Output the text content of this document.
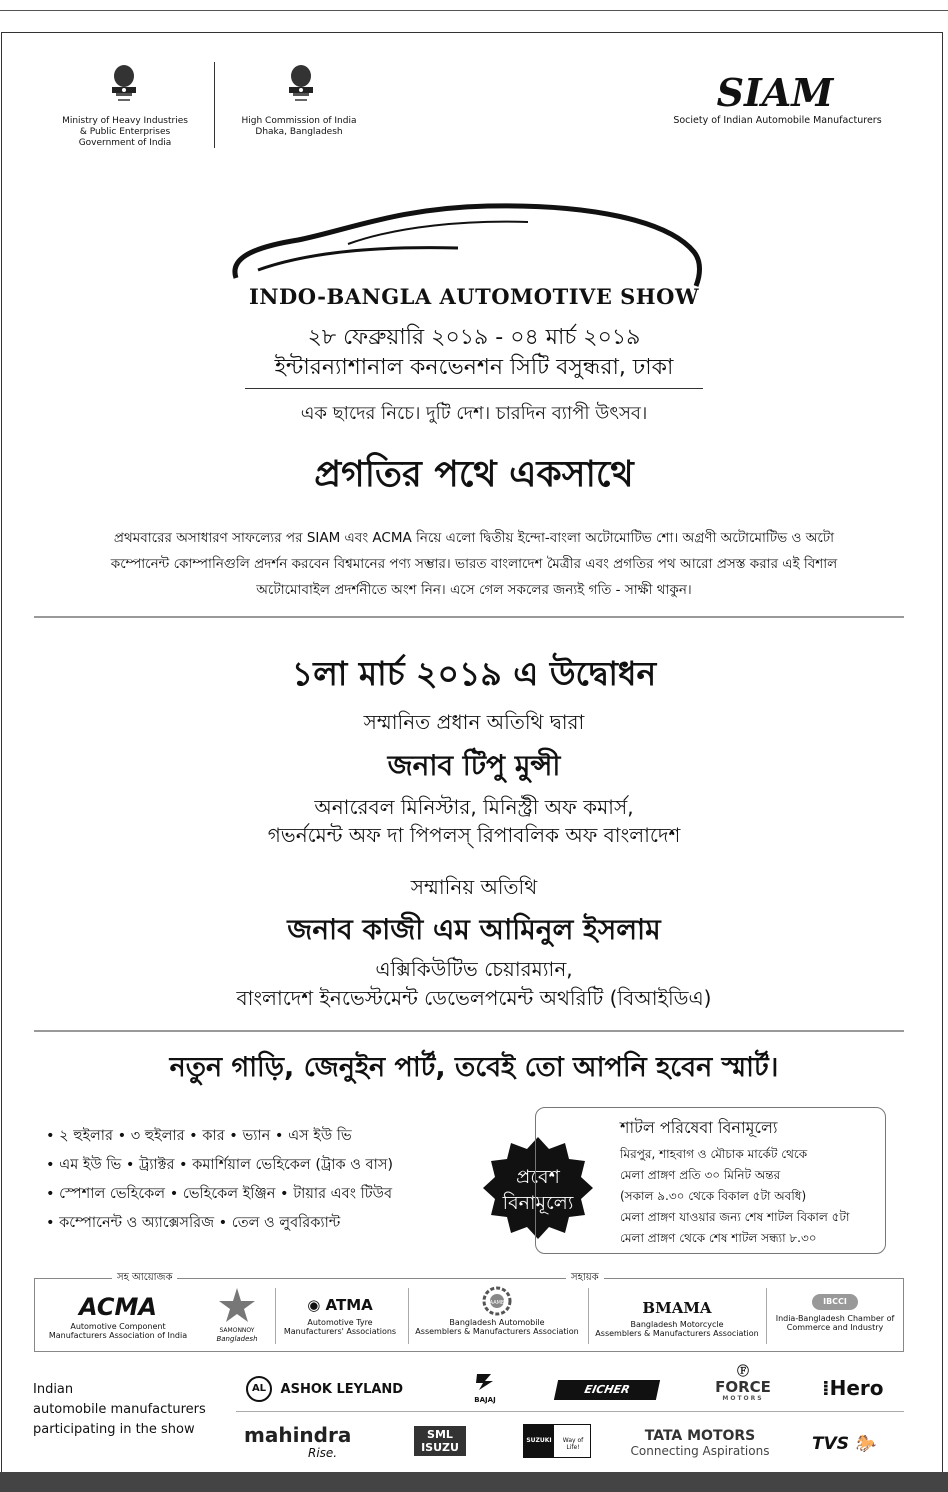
Ministry of Heavy Industries
& Public Enterprises
Government of India
High Commission of India
Dhaka, Bangladesh
SIAM
Society of Indian Automobile Manufacturers
INDO-BANGLA AUTOMOTIVE SHOW
২৮ ফেব্রুয়ারি ২০১৯ - ০৪ মার্চ ২০১৯
ইন্টারন্যাশানাল কনভেনশন সিটি বসুন্ধরা, ঢাকা
এক ছাদের নিচে। দুটি দেশ। চারদিন ব্যাপী উৎসব।
প্রগতির পথে একসাথে
প্রথমবারের অসাধারণ সাফল্যের পর SIAM এবং ACMA নিয়ে এলো দ্বিতীয় ইন্দো-বাংলা অটোমোটিভ শো। অগ্রণী অটোমোটিভ ও অটো
কম্পোনেন্ট কোম্পানিগুলি প্রদর্শন করবেন বিশ্বমানের পণ্য সম্ভার। ভারত বাংলাদেশ মৈত্রীর এবং প্রগতির পথ আরো প্রসস্ত করার এই বিশাল
অটোমোবাইল প্রদর্শনীতে অংশ নিন। এসে গেল সকলের জন্যই গতি - সাক্ষী থাকুন।
১লা মার্চ ২০১৯ এ উদ্বোধন
সম্মানিত প্রধান অতিথি দ্বারা
জনাব টিপু মুন্সী
অনারেবল মিনিস্টার, মিনিস্ট্রী অফ কমার্স,
গভর্নমেন্ট অফ দা পিপলস্ রিপাবলিক অফ বাংলাদেশ
সম্মানিয় অতিথি
জনাব কাজী এম আমিনুল ইসলাম
এক্সিকিউটিভ চেয়ারম্যান,
বাংলাদেশ ইনভেস্টমেন্ট ডেভেলপমেন্ট অথরিটি (বিআইডিএ)
নতুন গাড়ি, জেনুইন পার্ট, তবেই তো আপনি হবেন স্মার্ট।
• ২ হুইলার • ৩ হুইলার • কার • ভ্যান • এস ইউ ভি
• এম ইউ ভি • ট্র্যাক্টর • কমার্শিয়াল ভেহিকেল (ট্রাক ও বাস)
• স্পেশাল ভেহিকেল • ভেহিকেল ইঞ্জিন • টায়ার এবং টিউব
• কম্পোনেন্ট ও অ্যাক্সেসরিজ • তেল ও লুবরিক্যান্ট
প্রবেশ
বিনামূল্যে
শাটল পরিষেবা বিনামূল্যে
মিরপুর, শাহবাগ ও মৌচাক মার্কেট থেকে
মেলা প্রাঙ্গণ প্রতি ৩০ মিনিট অন্তর
(সকাল ৯.৩০ থেকে বিকাল ৫টা অবধি)
মেলা প্রাঙ্গণ যাওয়ার জন্য শেষ শাটল বিকাল ৫টা
মেলা প্রাঙ্গণ থেকে শেষ শাটল সন্ধ্যা ৮.৩০
সহ আয়োজক	সহায়ক
ACMA
Automotive Component
Manufacturers Association of India
SAMONNOY
Bangladesh
◉ ATMA
Automotive Tyre
Manufacturers' Associations
BAAMBA
Bangladesh Automobile
Assemblers & Manufacturers Association
BMAMA
Bangladesh Motorcycle
Assemblers & Manufacturers Association
IBCCI
India-Bangladesh Chamber of
Commerce and Industry
Indian
automobile manufacturers
participating in the show
AL ASHOK LEYLAND
BAJAJ
EICHER
Ⓕ
FORCE
MOTORS	⁞Hero
mahindra
Rise.
SML
ISUZU
SUZUKI	Way of Life!
TATA MOTORS
Connecting Aspirations	TVS 🐎
